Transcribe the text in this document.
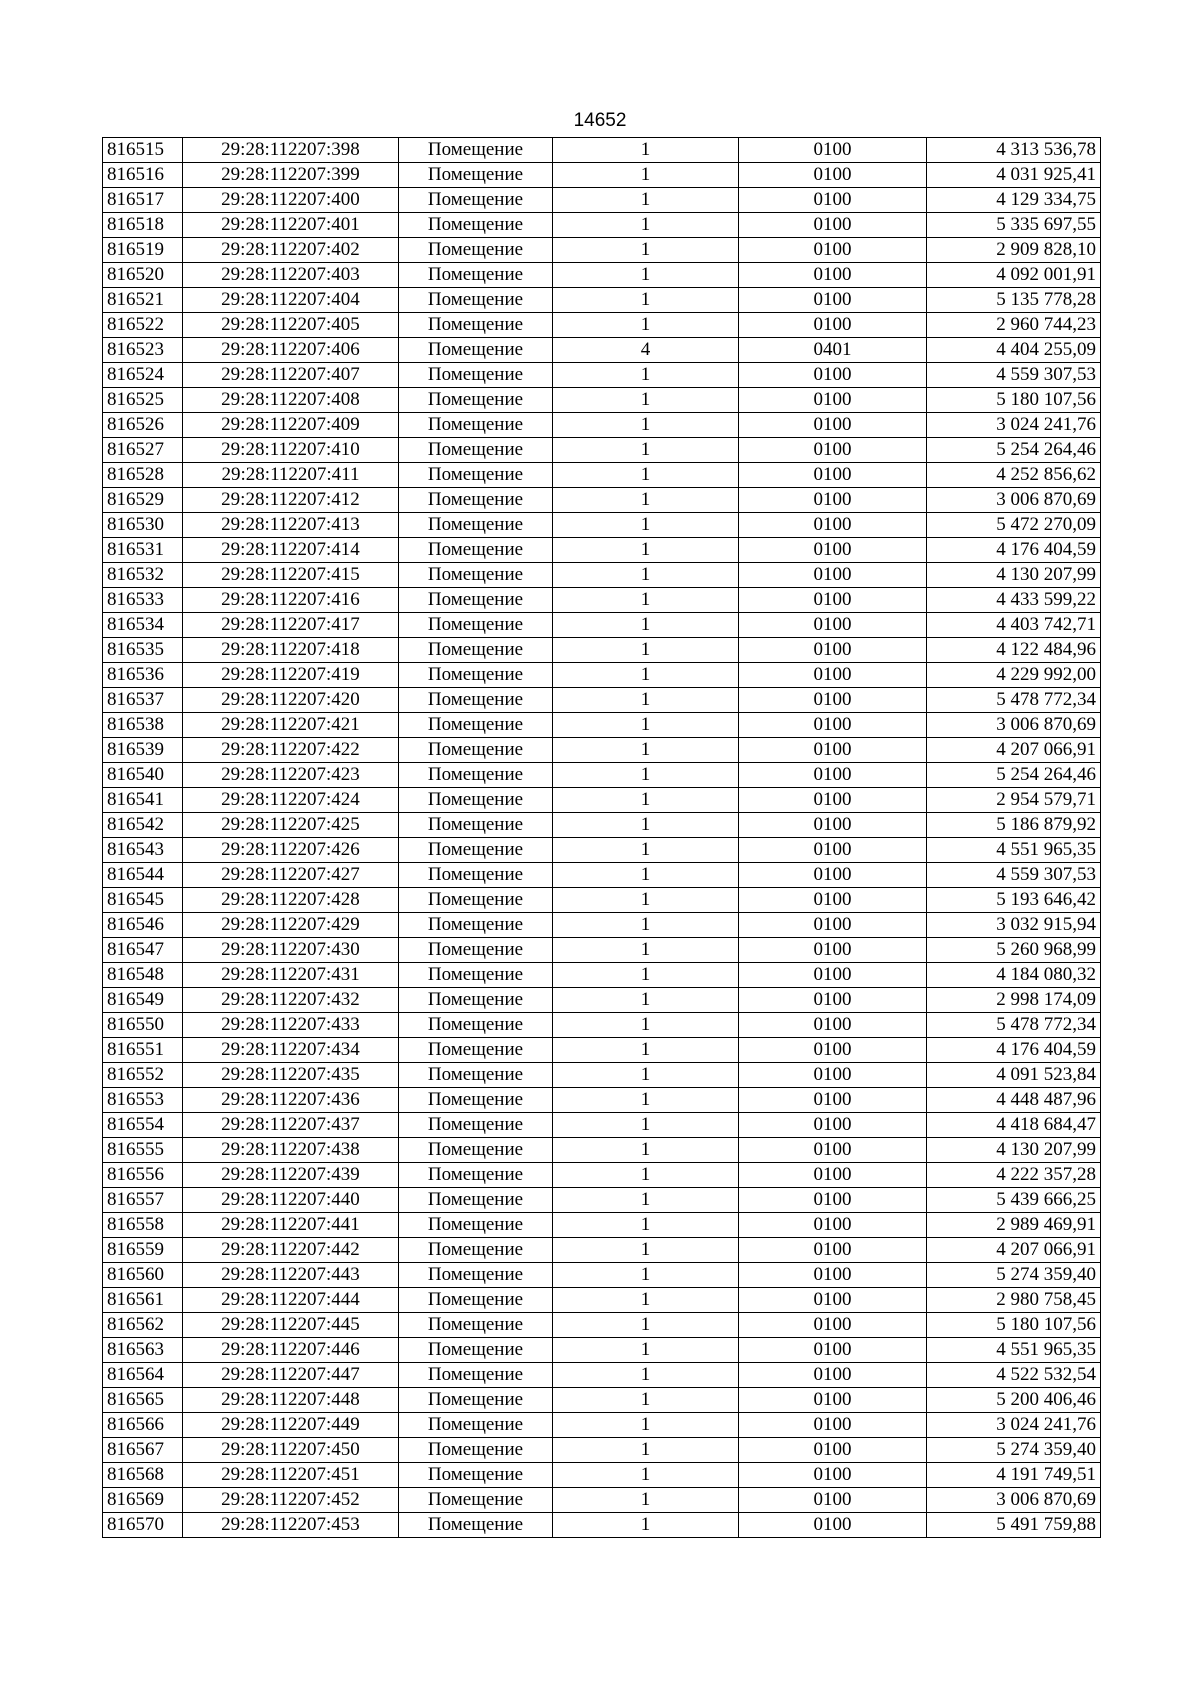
14652
816515	29:28:112207:398	Помещение	1	0100	4 313 536,78
816516	29:28:112207:399	Помещение	1	0100	4 031 925,41
816517	29:28:112207:400	Помещение	1	0100	4 129 334,75
816518	29:28:112207:401	Помещение	1	0100	5 335 697,55
816519	29:28:112207:402	Помещение	1	0100	2 909 828,10
816520	29:28:112207:403	Помещение	1	0100	4 092 001,91
816521	29:28:112207:404	Помещение	1	0100	5 135 778,28
816522	29:28:112207:405	Помещение	1	0100	2 960 744,23
816523	29:28:112207:406	Помещение	4	0401	4 404 255,09
816524	29:28:112207:407	Помещение	1	0100	4 559 307,53
816525	29:28:112207:408	Помещение	1	0100	5 180 107,56
816526	29:28:112207:409	Помещение	1	0100	3 024 241,76
816527	29:28:112207:410	Помещение	1	0100	5 254 264,46
816528	29:28:112207:411	Помещение	1	0100	4 252 856,62
816529	29:28:112207:412	Помещение	1	0100	3 006 870,69
816530	29:28:112207:413	Помещение	1	0100	5 472 270,09
816531	29:28:112207:414	Помещение	1	0100	4 176 404,59
816532	29:28:112207:415	Помещение	1	0100	4 130 207,99
816533	29:28:112207:416	Помещение	1	0100	4 433 599,22
816534	29:28:112207:417	Помещение	1	0100	4 403 742,71
816535	29:28:112207:418	Помещение	1	0100	4 122 484,96
816536	29:28:112207:419	Помещение	1	0100	4 229 992,00
816537	29:28:112207:420	Помещение	1	0100	5 478 772,34
816538	29:28:112207:421	Помещение	1	0100	3 006 870,69
816539	29:28:112207:422	Помещение	1	0100	4 207 066,91
816540	29:28:112207:423	Помещение	1	0100	5 254 264,46
816541	29:28:112207:424	Помещение	1	0100	2 954 579,71
816542	29:28:112207:425	Помещение	1	0100	5 186 879,92
816543	29:28:112207:426	Помещение	1	0100	4 551 965,35
816544	29:28:112207:427	Помещение	1	0100	4 559 307,53
816545	29:28:112207:428	Помещение	1	0100	5 193 646,42
816546	29:28:112207:429	Помещение	1	0100	3 032 915,94
816547	29:28:112207:430	Помещение	1	0100	5 260 968,99
816548	29:28:112207:431	Помещение	1	0100	4 184 080,32
816549	29:28:112207:432	Помещение	1	0100	2 998 174,09
816550	29:28:112207:433	Помещение	1	0100	5 478 772,34
816551	29:28:112207:434	Помещение	1	0100	4 176 404,59
816552	29:28:112207:435	Помещение	1	0100	4 091 523,84
816553	29:28:112207:436	Помещение	1	0100	4 448 487,96
816554	29:28:112207:437	Помещение	1	0100	4 418 684,47
816555	29:28:112207:438	Помещение	1	0100	4 130 207,99
816556	29:28:112207:439	Помещение	1	0100	4 222 357,28
816557	29:28:112207:440	Помещение	1	0100	5 439 666,25
816558	29:28:112207:441	Помещение	1	0100	2 989 469,91
816559	29:28:112207:442	Помещение	1	0100	4 207 066,91
816560	29:28:112207:443	Помещение	1	0100	5 274 359,40
816561	29:28:112207:444	Помещение	1	0100	2 980 758,45
816562	29:28:112207:445	Помещение	1	0100	5 180 107,56
816563	29:28:112207:446	Помещение	1	0100	4 551 965,35
816564	29:28:112207:447	Помещение	1	0100	4 522 532,54
816565	29:28:112207:448	Помещение	1	0100	5 200 406,46
816566	29:28:112207:449	Помещение	1	0100	3 024 241,76
816567	29:28:112207:450	Помещение	1	0100	5 274 359,40
816568	29:28:112207:451	Помещение	1	0100	4 191 749,51
816569	29:28:112207:452	Помещение	1	0100	3 006 870,69
816570	29:28:112207:453	Помещение	1	0100	5 491 759,88
